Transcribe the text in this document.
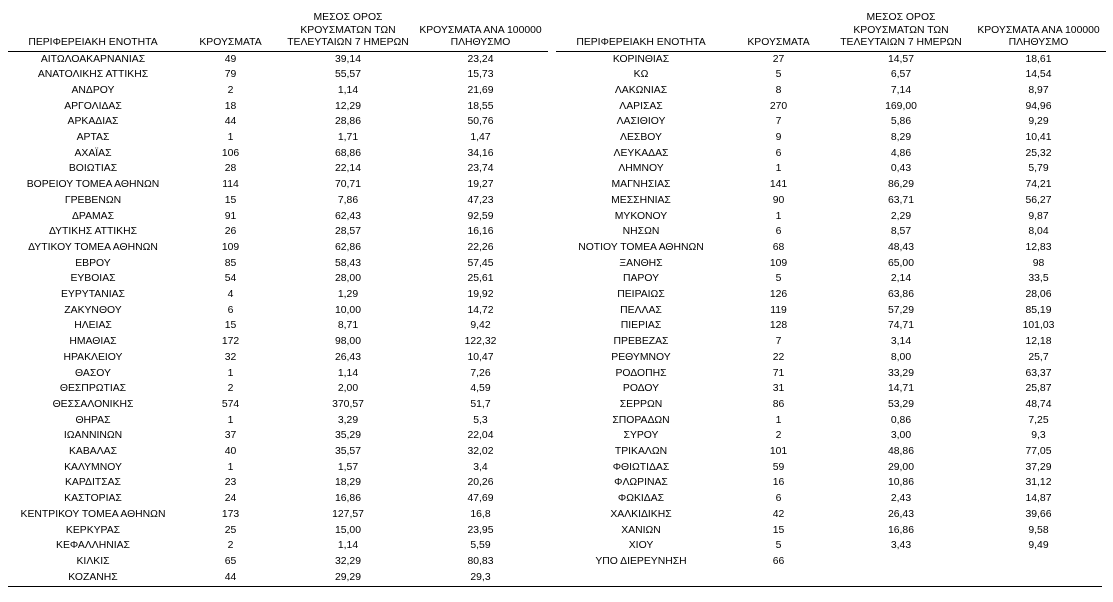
ΠΕΡΙΦΕΡΕΙΑΚΗ ΕΝΟΤΗΤΑ	ΚΡΟΥΣΜΑΤΑ	ΜΕΣΟΣ ΟΡΟΣ ΚΡΟΥΣΜΑΤΩΝ ΤΩΝ ΤΕΛΕΥΤΑΙΩΝ 7 ΗΜΕΡΩΝ	ΚΡΟΥΣΜΑΤΑ ΑΝΑ 100000 ΠΛΗΘΥΣΜΟ
ΑΙΤΩΛΟΑΚΑΡΝΑΝΙΑΣ	49	39,14	23,24
ΑΝΑΤΟΛΙΚΗΣ ΑΤΤΙΚΗΣ	79	55,57	15,73
ΑΝΔΡΟΥ	2	1,14	21,69
ΑΡΓΟΛΙΔΑΣ	18	12,29	18,55
ΑΡΚΑΔΙΑΣ	44	28,86	50,76
ΑΡΤΑΣ	1	1,71	1,47
ΑΧΑΪΑΣ	106	68,86	34,16
ΒΟΙΩΤΙΑΣ	28	22,14	23,74
ΒΟΡΕΙΟΥ ΤΟΜΕΑ ΑΘΗΝΩΝ	114	70,71	19,27
ΓΡΕΒΕΝΩΝ	15	7,86	47,23
ΔΡΑΜΑΣ	91	62,43	92,59
ΔΥΤΙΚΗΣ ΑΤΤΙΚΗΣ	26	28,57	16,16
ΔΥΤΙΚΟΥ ΤΟΜΕΑ ΑΘΗΝΩΝ	109	62,86	22,26
ΕΒΡΟΥ	85	58,43	57,45
ΕΥΒΟΙΑΣ	54	28,00	25,61
ΕΥΡΥΤΑΝΙΑΣ	4	1,29	19,92
ΖΑΚΥΝΘΟΥ	6	10,00	14,72
ΗΛΕΙΑΣ	15	8,71	9,42
ΗΜΑΘΙΑΣ	172	98,00	122,32
ΗΡΑΚΛΕΙΟΥ	32	26,43	10,47
ΘΑΣΟΥ	1	1,14	7,26
ΘΕΣΠΡΩΤΙΑΣ	2	2,00	4,59
ΘΕΣΣΑΛΟΝΙΚΗΣ	574	370,57	51,7
ΘΗΡΑΣ	1	3,29	5,3
ΙΩΑΝΝΙΝΩΝ	37	35,29	22,04
ΚΑΒΑΛΑΣ	40	35,57	32,02
ΚΑΛΥΜΝΟΥ	1	1,57	3,4
ΚΑΡΔΙΤΣΑΣ	23	18,29	20,26
ΚΑΣΤΟΡΙΑΣ	24	16,86	47,69
ΚΕΝΤΡΙΚΟΥ ΤΟΜΕΑ ΑΘΗΝΩΝ	173	127,57	16,8
ΚΕΡΚΥΡΑΣ	25	15,00	23,95
ΚΕΦΑΛΛΗΝΙΑΣ	2	1,14	5,59
ΚΙΛΚΙΣ	65	32,29	80,83
ΚΟΖΑΝΗΣ	44	29,29	29,3
ΠΕΡΙΦΕΡΕΙΑΚΗ ΕΝΟΤΗΤΑ	ΚΡΟΥΣΜΑΤΑ	ΜΕΣΟΣ ΟΡΟΣ ΚΡΟΥΣΜΑΤΩΝ ΤΩΝ ΤΕΛΕΥΤΑΙΩΝ 7 ΗΜΕΡΩΝ	ΚΡΟΥΣΜΑΤΑ ΑΝΑ 100000 ΠΛΗΘΥΣΜΟ
ΚΟΡΙΝΘΙΑΣ	27	14,57	18,61
ΚΩ	5	6,57	14,54
ΛΑΚΩΝΙΑΣ	8	7,14	8,97
ΛΑΡΙΣΑΣ	270	169,00	94,96
ΛΑΣΙΘΙΟΥ	7	5,86	9,29
ΛΕΣΒΟΥ	9	8,29	10,41
ΛΕΥΚΑΔΑΣ	6	4,86	25,32
ΛΗΜΝΟΥ	1	0,43	5,79
ΜΑΓΝΗΣΙΑΣ	141	86,29	74,21
ΜΕΣΣΗΝΙΑΣ	90	63,71	56,27
ΜΥΚΟΝΟΥ	1	2,29	9,87
ΝΗΣΩΝ	6	8,57	8,04
ΝΟΤΙΟΥ ΤΟΜΕΑ ΑΘΗΝΩΝ	68	48,43	12,83
ΞΑΝΘΗΣ	109	65,00	98
ΠΑΡΟΥ	5	2,14	33,5
ΠΕΙΡΑΙΩΣ	126	63,86	28,06
ΠΕΛΛΑΣ	119	57,29	85,19
ΠΙΕΡΙΑΣ	128	74,71	101,03
ΠΡΕΒΕΖΑΣ	7	3,14	12,18
ΡΕΘΥΜΝΟΥ	22	8,00	25,7
ΡΟΔΟΠΗΣ	71	33,29	63,37
ΡΟΔΟΥ	31	14,71	25,87
ΣΕΡΡΩΝ	86	53,29	48,74
ΣΠΟΡΑΔΩΝ	1	0,86	7,25
ΣΥΡΟΥ	2	3,00	9,3
ΤΡΙΚΑΛΩΝ	101	48,86	77,05
ΦΘΙΩΤΙΔΑΣ	59	29,00	37,29
ΦΛΩΡΙΝΑΣ	16	10,86	31,12
ΦΩΚΙΔΑΣ	6	2,43	14,87
ΧΑΛΚΙΔΙΚΗΣ	42	26,43	39,66
ΧΑΝΙΩΝ	15	16,86	9,58
ΧΙΟΥ	5	3,43	9,49
ΥΠΟ ΔΙΕΡΕΥΝΗΣΗ	66		
